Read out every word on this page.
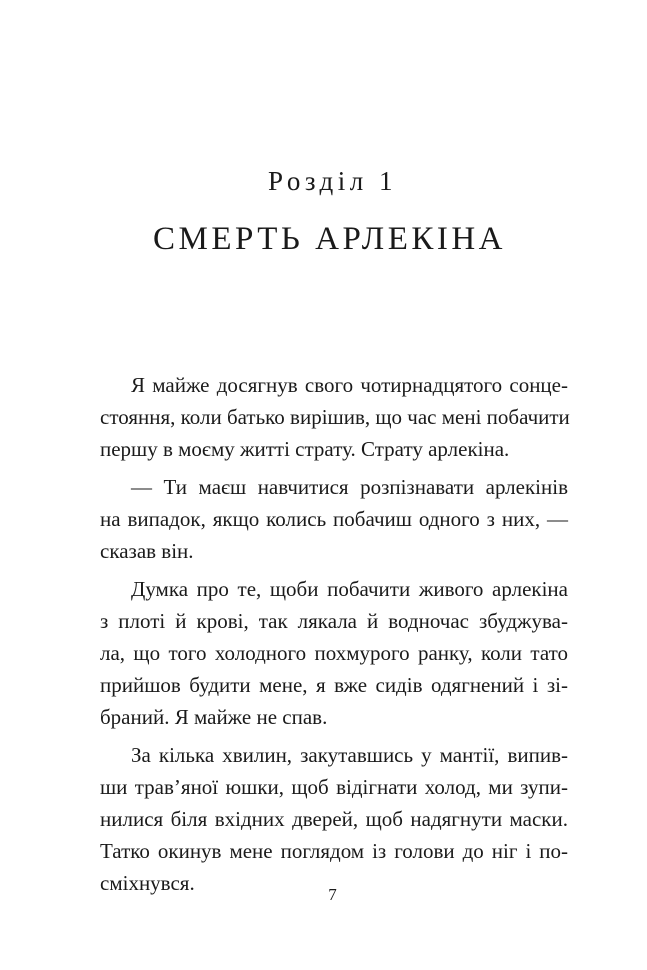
Розділ 1
СМЕРТЬ АРЛЕКІНА
Я майже досягнув свого чотирнадцятого сонце-
стояння, коли батько вирішив, що час мені побачити
першу в моєму житті страту. Страту арлекіна.
— Ти маєш навчитися розпізнавати арлекінів
на випадок, якщо колись побачиш одного з них, —
сказав він.
Думка про те, щоби побачити живого арлекіна
з плоті й крові, так лякала й водночас збуджува-
ла, що того холодного похмурого ранку, коли тато
прийшов будити мене, я вже сидів одягнений і зі-
браний. Я майже не спав.
За кілька хвилин, закутавшись у мантії, випив-
ши трав’яної юшки, щоб відігнати холод, ми зупи-
нилися біля вхідних дверей, щоб надягнути маски.
Татко окинув мене поглядом із голови до ніг і по-
сміхнувся.	7
